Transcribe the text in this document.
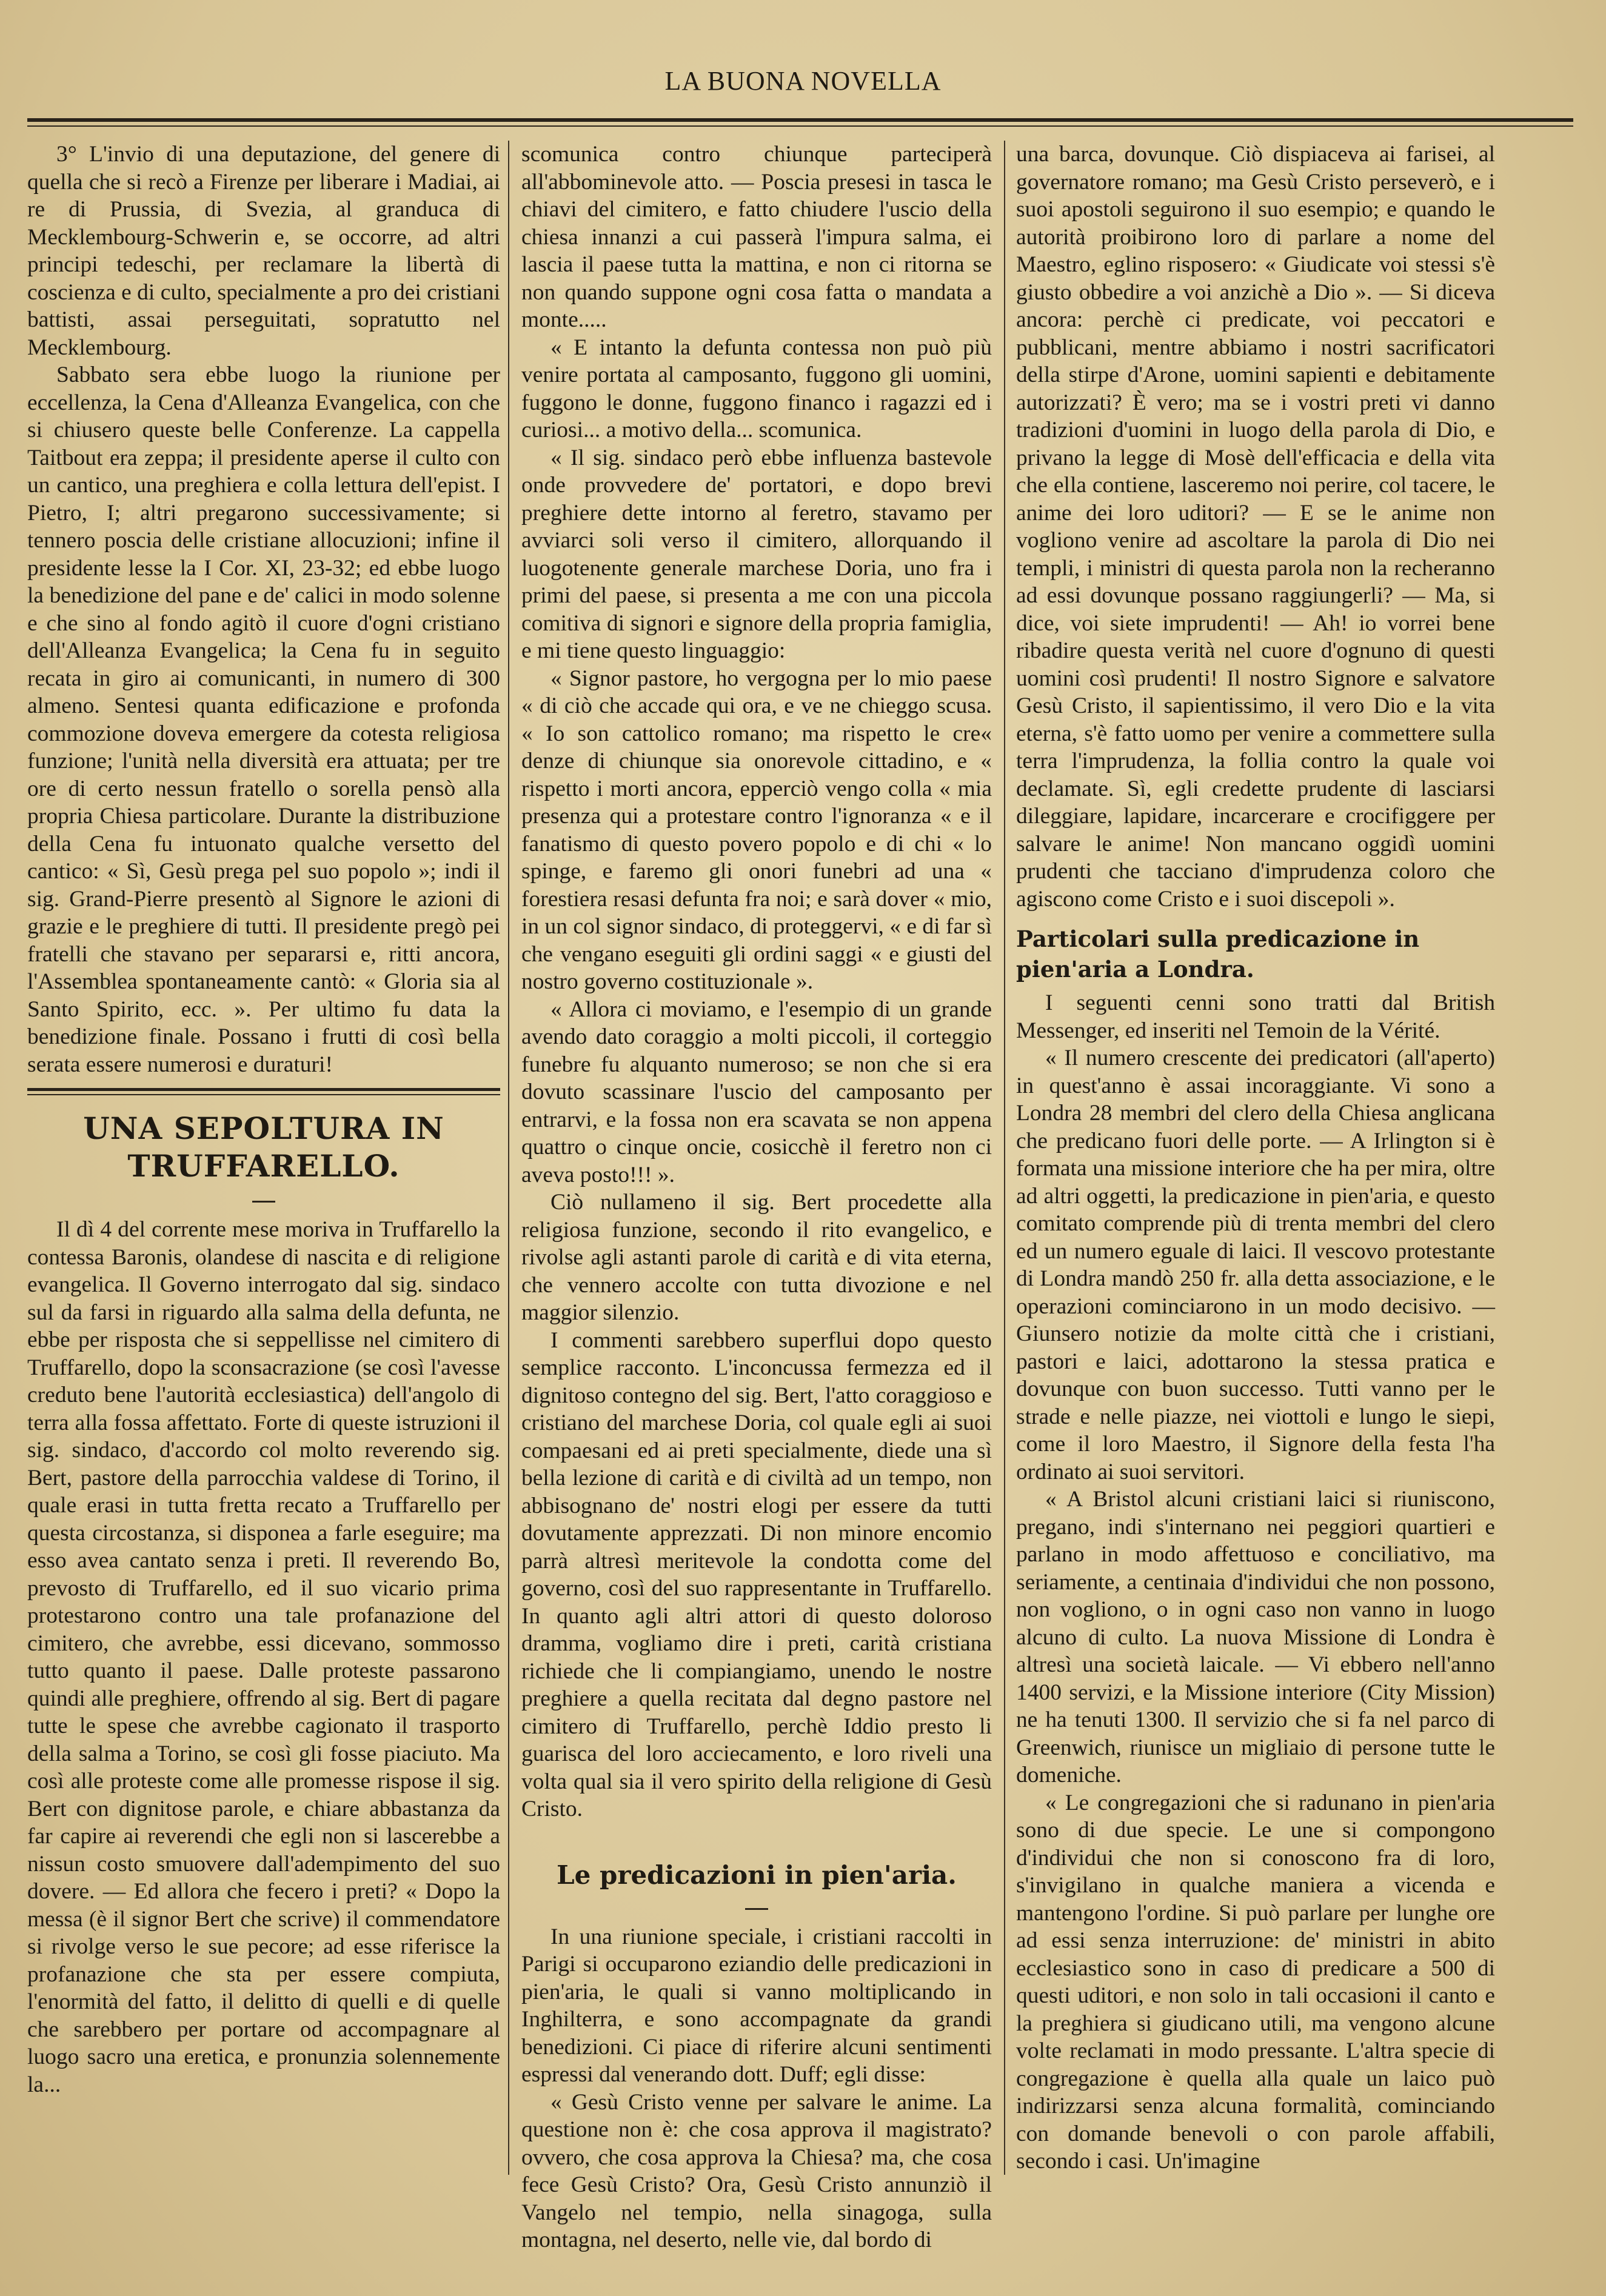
LA BUONA NOVELLA

3° L'invio di una deputazione, del genere di quella che si recò a Firenze per liberare i Madiai, ai re di Prussia, di Svezia, al granduca di Mecklembourg-Schwerin e, se occorre, ad altri principi tedeschi, per reclamare la libertà di coscienza e di culto, specialmente a pro dei cristiani battisti, assai perseguitati, sopratutto nel Mecklembourg.

Sabbato sera ebbe luogo la riunione per eccellenza, la Cena d'Alleanza Evangelica, con che si chiusero queste belle Conferenze. La cappella Taitbout era zeppa; il presidente aperse il culto con un cantico, una preghiera e colla lettura dell'epist. I Pietro, I; altri pregarono successivamente; si tennero poscia delle cristiane allocuzioni; infine il presidente lesse la I Cor. XI, 23-32; ed ebbe luogo la benedizione del pane e de' calici in modo solenne e che sino al fondo agitò il cuore d'ogni cristiano dell'Alleanza Evangelica; la Cena fu in seguito recata in giro ai comunicanti, in numero di 300 almeno. Sentesi quanta edificazione e profonda commozione doveva emergere da cotesta religiosa funzione; l'unità nella diversità era attuata; per tre ore di certo nessun fratello o sorella pensò alla propria Chiesa particolare. Durante la distribuzione della Cena fu intuonato qualche versetto del cantico: « Sì, Gesù prega pel suo popolo »; indi il sig. Grand-Pierre presentò al Signore le azioni di grazie e le preghiere di tutti. Il presidente pregò pei fratelli che stavano per separarsi e, ritti ancora, l'Assemblea spontaneamente cantò: « Gloria sia al Santo Spirito, ecc. ». Per ultimo fu data la benedizione finale. Possano i frutti di così bella serata essere numerosi e duraturi!

UNA SEPOLTURA IN TRUFFARELLO.

Il dì 4 del corrente mese moriva in Truffarello la contessa Baronis, olandese di nascita e di religione evangelica. Il Governo interrogato dal sig. sindaco sul da farsi in riguardo alla salma della defunta, ne ebbe per risposta che si seppellisse nel cimitero di Truffarello, dopo la sconsacrazione (se così l'avesse creduto bene l'autorità ecclesiastica) dell'angolo di terra alla fossa affettato. Forte di queste istruzioni il sig. sindaco, d'accordo col molto reverendo sig. Bert, pastore della parrocchia valdese di Torino, il quale erasi in tutta fretta recato a Truffarello per questa circostanza, si disponea a farle eseguire; ma esso avea cantato senza i preti. Il reverendo Bo, prevosto di Truffarello, ed il suo vicario prima protestarono contro una tale profanazione del cimitero, che avrebbe, essi dicevano, sommosso tutto quanto il paese. Dalle proteste passarono quindi alle preghiere, offrendo al sig. Bert di pagare tutte le spese che avrebbe cagionato il trasporto della salma a Torino, se così gli fosse piaciuto. Ma così alle proteste come alle promesse rispose il sig. Bert con dignitose parole, e chiare abbastanza da far capire ai reverendi che egli non si lascerebbe a nissun costo smuovere dall'adempimento del suo dovere. — Ed allora che fecero i preti? « Dopo la messa (è il signor Bert che scrive) il commendatore si rivolge verso le sue pecore; ad esse riferisce la profanazione che sta per essere compiuta, l'enormità del fatto, il delitto di quelli e di quelle che sarebbero per portare od accompagnare al luogo sacro una eretica, e pronunzia solennemente la...

scomunica contro chiunque parteciperà all'abbominevole atto. — Poscia presesi in tasca le chiavi del cimitero, e fatto chiudere l'uscio della chiesa innanzi a cui passerà l'impura salma, ei lascia il paese tutta la mattina, e non ci ritorna se non quando suppone ogni cosa fatta o mandata a monte.....

« E intanto la defunta contessa non può più venire portata al camposanto, fuggono gli uomini, fuggono le donne, fuggono financo i ragazzi ed i curiosi... a motivo della... scomunica.

« Il sig. sindaco però ebbe influenza bastevole onde provvedere de' portatori, e dopo brevi preghiere dette intorno al feretro, stavamo per avviarci soli verso il cimitero, allorquando il luogotenente generale marchese Doria, uno fra i primi del paese, si presenta a me con una piccola comitiva di signori e signore della propria famiglia, e mi tiene questo linguaggio:

« Signor pastore, ho vergogna per lo mio paese « di ciò che accade qui ora, e ve ne chieggo scusa. « Io son cattolico romano; ma rispetto le cre« denze di chiunque sia onorevole cittadino, e « rispetto i morti ancora, epperciò vengo colla « mia presenza qui a protestare contro l'ignoranza « e il fanatismo di questo povero popolo e di chi « lo spinge, e faremo gli onori funebri ad una « forestiera resasi defunta fra noi; e sarà dover « mio, in un col signor sindaco, di proteggervi, « e di far sì che vengano eseguiti gli ordini saggi « e giusti del nostro governo costituzionale ».

« Allora ci moviamo, e l'esempio di un grande avendo dato coraggio a molti piccoli, il corteggio funebre fu alquanto numeroso; se non che si era dovuto scassinare l'uscio del camposanto per entrarvi, e la fossa non era scavata se non appena quattro o cinque oncie, cosicchè il feretro non ci aveva posto!!! ».

Ciò nullameno il sig. Bert procedette alla religiosa funzione, secondo il rito evangelico, e rivolse agli astanti parole di carità e di vita eterna, che vennero accolte con tutta divozione e nel maggior silenzio.

I commenti sarebbero superflui dopo questo semplice racconto. L'inconcussa fermezza ed il dignitoso contegno del sig. Bert, l'atto coraggioso e cristiano del marchese Doria, col quale egli ai suoi compaesani ed ai preti specialmente, diede una sì bella lezione di carità e di civiltà ad un tempo, non abbisognano de' nostri elogi per essere da tutti dovutamente apprezzati. Di non minore encomio parrà altresì meritevole la condotta come del governo, così del suo rappresentante in Truffarello. In quanto agli altri attori di questo doloroso dramma, vogliamo dire i preti, carità cristiana richiede che li compiangiamo, unendo le nostre preghiere a quella recitata dal degno pastore nel cimitero di Truffarello, perchè Iddio presto li guarisca del loro acciecamento, e loro riveli una volta qual sia il vero spirito della religione di Gesù Cristo.

Le predicazioni in pien'aria.

In una riunione speciale, i cristiani raccolti in Parigi si occuparono eziandio delle predicazioni in pien'aria, le quali si vanno moltiplicando in Inghilterra, e sono accompagnate da grandi benedizioni. Ci piace di riferire alcuni sentimenti espressi dal venerando dott. Duff; egli disse:

« Gesù Cristo venne per salvare le anime. La questione non è: che cosa approva il magistrato? ovvero, che cosa approva la Chiesa? ma, che cosa fece Gesù Cristo? Ora, Gesù Cristo annunziò il Vangelo nel tempio, nella sinagoga, sulla montagna, nel deserto, nelle vie, dal bordo di

una barca, dovunque. Ciò dispiaceva ai farisei, al governatore romano; ma Gesù Cristo perseverò, e i suoi apostoli seguirono il suo esempio; e quando le autorità proibirono loro di parlare a nome del Maestro, eglino risposero: « Giudicate voi stessi s'è giusto obbedire a voi anzichè a Dio ». — Si diceva ancora: perchè ci predicate, voi peccatori e pubblicani, mentre abbiamo i nostri sacrificatori della stirpe d'Arone, uomini sapienti e debitamente autorizzati? È vero; ma se i vostri preti vi danno tradizioni d'uomini in luogo della parola di Dio, e privano la legge di Mosè dell'efficacia e della vita che ella contiene, lasceremo noi perire, col tacere, le anime dei loro uditori? — E se le anime non vogliono venire ad ascoltare la parola di Dio nei templi, i ministri di questa parola non la recheranno ad essi dovunque possano raggiungerli? — Ma, si dice, voi siete imprudenti! — Ah! io vorrei bene ribadire questa verità nel cuore d'ognuno di questi uomini così prudenti! Il nostro Signore e salvatore Gesù Cristo, il sapientissimo, il vero Dio e la vita eterna, s'è fatto uomo per venire a commettere sulla terra l'imprudenza, la follia contro la quale voi declamate. Sì, egli credette prudente di lasciarsi dileggiare, lapidare, incarcerare e crocifiggere per salvare le anime! Non mancano oggidì uomini prudenti che tacciano d'imprudenza coloro che agiscono come Cristo e i suoi discepoli ».

Particolari sulla predicazione in pien'aria a Londra.

I seguenti cenni sono tratti dal British Messenger, ed inseriti nel Temoin de la Vérité.

« Il numero crescente dei predicatori (all'aperto) in quest'anno è assai incoraggiante. Vi sono a Londra 28 membri del clero della Chiesa anglicana che predicano fuori delle porte. — A Irlington si è formata una missione interiore che ha per mira, oltre ad altri oggetti, la predicazione in pien'aria, e questo comitato comprende più di trenta membri del clero ed un numero eguale di laici. Il vescovo protestante di Londra mandò 250 fr. alla detta associazione, e le operazioni cominciarono in un modo decisivo. — Giunsero notizie da molte città che i cristiani, pastori e laici, adottarono la stessa pratica e dovunque con buon successo. Tutti vanno per le strade e nelle piazze, nei viottoli e lungo le siepi, come il loro Maestro, il Signore della festa l'ha ordinato ai suoi servitori.

« A Bristol alcuni cristiani laici si riuniscono, pregano, indi s'internano nei peggiori quartieri e parlano in modo affettuoso e conciliativo, ma seriamente, a centinaia d'individui che non possono, non vogliono, o in ogni caso non vanno in luogo alcuno di culto. La nuova Missione di Londra è altresì una società laicale. — Vi ebbero nell'anno 1400 servizi, e la Missione interiore (City Mission) ne ha tenuti 1300. Il servizio che si fa nel parco di Greenwich, riunisce un migliaio di persone tutte le domeniche.

« Le congregazioni che si radunano in pien'aria sono di due specie. Le une si compongono d'individui che non si conoscono fra di loro, s'invigilano in qualche maniera a vicenda e mantengono l'ordine. Si può parlare per lunghe ore ad essi senza interruzione: de' ministri in abito ecclesiastico sono in caso di predicare a 500 di questi uditori, e non solo in tali occasioni il canto e la preghiera si giudicano utili, ma vengono alcune volte reclamati in modo pressante. L'altra specie di congregazione è quella alla quale un laico può indirizzarsi senza alcuna formalità, cominciando con domande benevoli o con parole affabili, secondo i casi. Un'imagine
